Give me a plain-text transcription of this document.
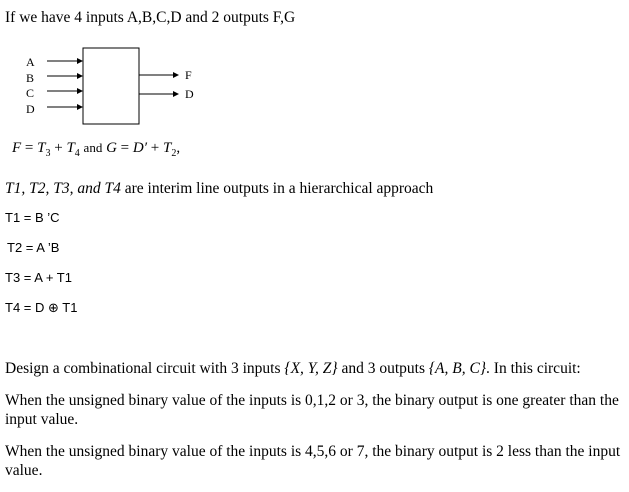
If we have 4 inputs A,B,C,D and 2 outputs F,G
A
B
C
D
F
D
$F = T_3 + T_4$ and $G = D' + T_2$,
T1, T2, T3, and T4 are interim line outputs in a hierarchical approach
T1 = B ’C
T2 = A ’B
T3 = A + T1
T4 = D ⊕ T1
Design a combinational circuit with 3 inputs {X, Y, Z} and 3 outputs {A, B, C}. In this circuit:
When the unsigned binary value of the inputs is 0,1,2 or 3, the binary output is one greater than the input value.
When the unsigned binary value of the inputs is 4,5,6 or 7, the binary output is 2 less than the input value.
